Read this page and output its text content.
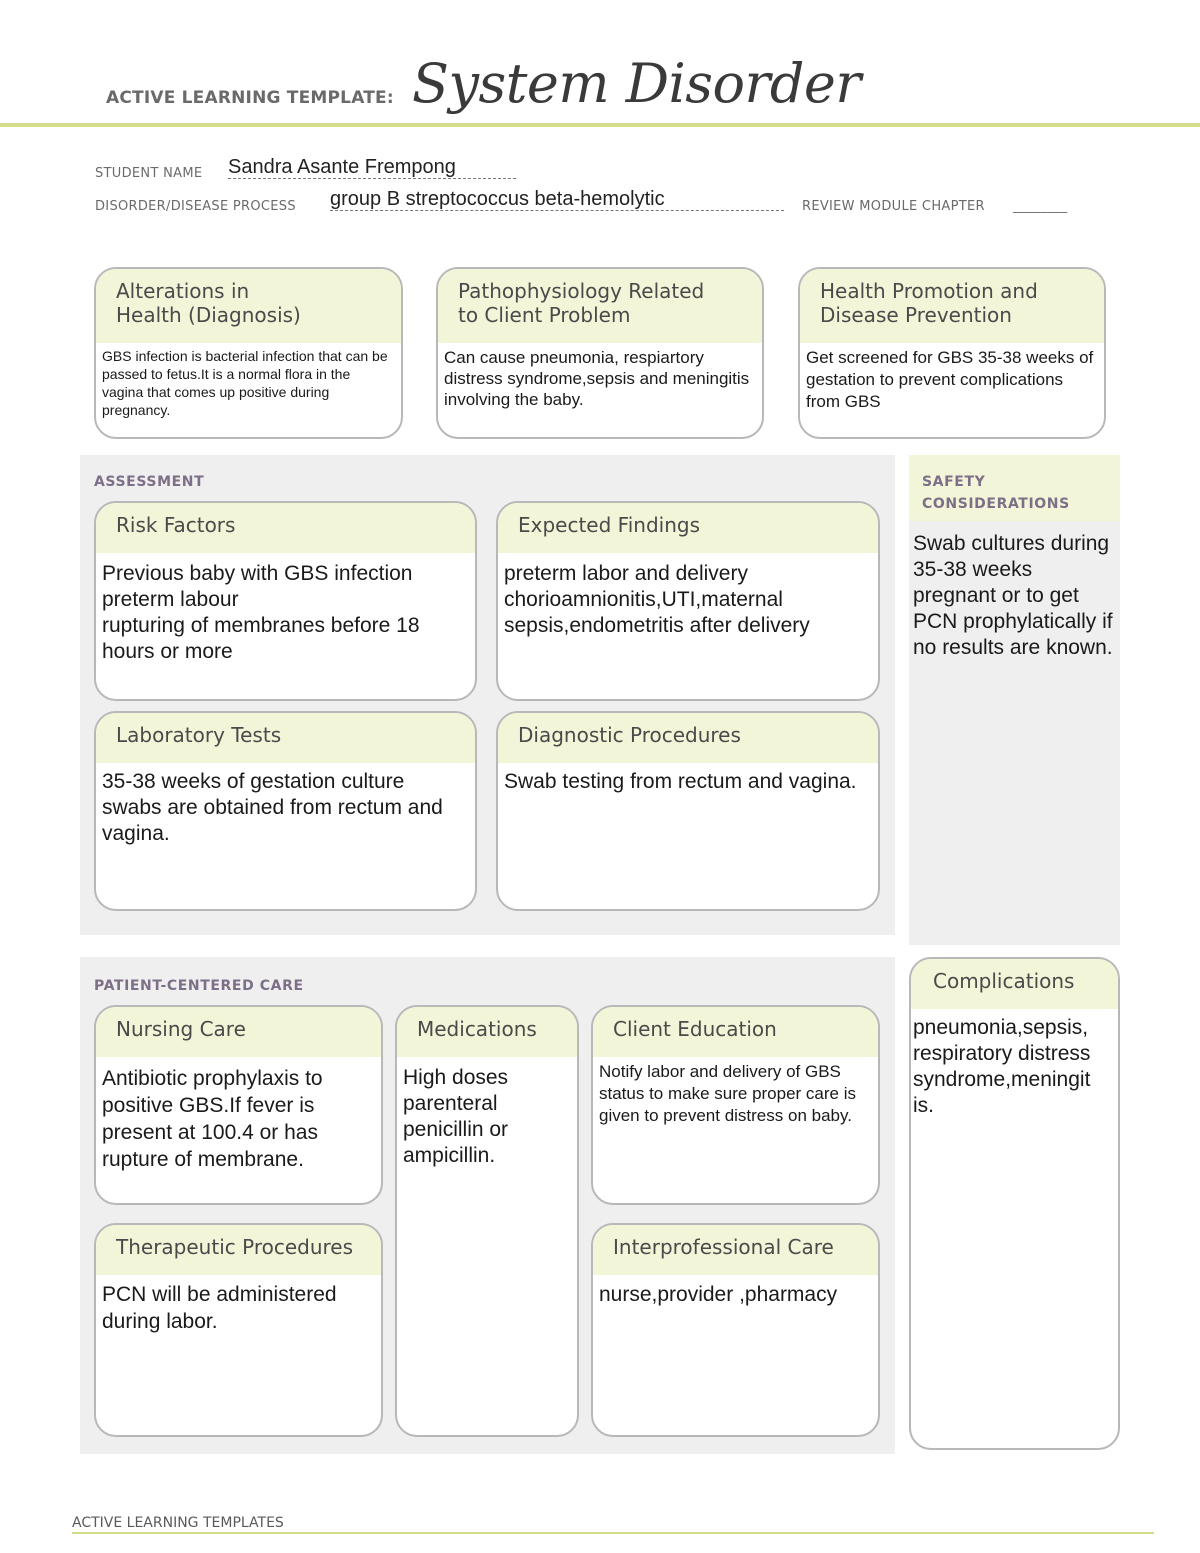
ACTIVE LEARNING TEMPLATE: System Disorder
STUDENT NAME Sandra Asante Frempong
DISORDER/DISEASE PROCESS group B streptococcus beta-hemolytic	REVIEW MODULE CHAPTER ________
Alterations in
Health (Diagnosis)
GBS infection is bacterial infection that can be passed to fetus.It is a normal flora in the vagina that comes up positive during pregnancy.
Pathophysiology Related
to Client Problem
Can cause pneumonia, respiartory distress syndrome,sepsis and meningitis involving the baby.
Health Promotion and
Disease Prevention
Get screened for GBS 35-38 weeks of gestation to prevent complications from GBS
ASSESSMENT
Risk Factors
Previous baby with GBS infection
preterm labour
rupturing of membranes before 18 hours or more
Expected Findings
preterm labor and delivery
chorioamnionitis,UTI,maternal sepsis,endometritis after delivery
Laboratory Tests
35-38 weeks of gestation culture swabs are obtained from rectum and vagina.
Diagnostic Procedures
Swab testing from rectum and vagina.
SAFETY
CONSIDERATIONS
Swab cultures during 35-38 weeks pregnant or to get PCN prophylatically if no results are known.
PATIENT-CENTERED CARE
Nursing Care
Antibiotic prophylaxis to positive GBS.If fever is present at 100.4 or has rupture of membrane.
Medications
High doses parenteral penicillin or ampicillin.
Client Education
Notify labor and delivery of GBS status to make sure proper care is given to prevent distress on baby.
Therapeutic Procedures
PCN will be administered during labor.
Interprofessional Care
nurse,provider ,pharmacy
Complications
pneumonia,sepsis, respiratory distress syndrome,meningit is.
ACTIVE LEARNING TEMPLATES
